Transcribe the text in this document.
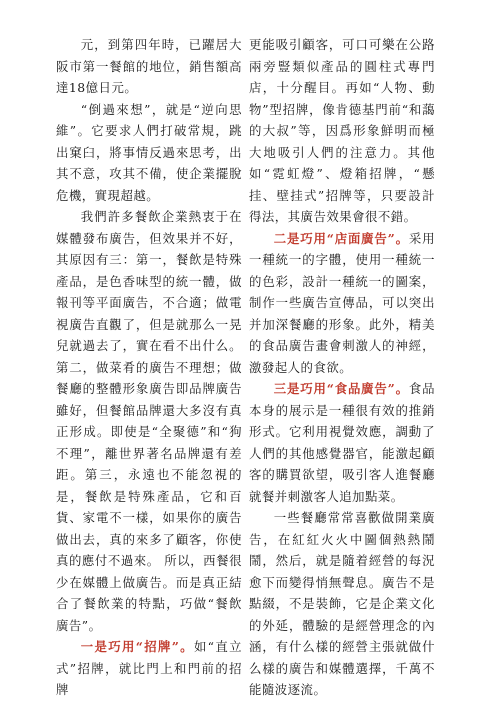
元，到第四年時，已躍居大阪市第一餐館的地位，銷售額高達18億日元。

“倒過來想”，就是“逆向思維”。它要求人們打破常規，跳出窠臼，將事情反過來思考，出其不意，攻其不備，使企業擺脫危機，實現超越。

我們許多餐飲企業熱衷于在媒體發布廣告，但效果并不好，其原因有三：第一，餐飲是特殊產品，是色香味型的統一體，做報刊等平面廣告，不合適；做電視廣告直觀了，但是就那么一晃兒就過去了，實在看不出什么。第二，做菜肴的廣告不理想；做餐廳的整體形象廣告即品牌廣告雖好，但餐館品牌還大多沒有真正形成。即使是“全聚德”和“狗不理”，離世界著名品牌還有差距。第三，永遠也不能忽視的是，餐飲是特殊產品，它和百貨、家電不一樣，如果你的廣告做出去，真的來多了顧客，你使真的應付不過來。 所以，西餐很少在媒體上做廣告。而是真正結合了餐飲業的特點，巧做“餐飲廣告”。

一是巧用“招牌”。如“直立式”招牌，就比門上和門前的招牌

更能吸引顧客，可口可樂在公路兩旁豎類似產品的圓柱式專門店，十分醒目。再如“人物、動物”型招牌，像肯德基門前“和藹的大叔”等，因爲形象鮮明而極大地吸引人們的注意力。其他如“霓虹燈”、燈箱招牌，“懸挂、壁挂式”招牌等，只要設計得法，其廣告效果會很不錯。

二是巧用“店面廣告”。采用一種統一的字體，使用一種統一的色彩，設計一種統一的圖案，制作一些廣告宣傳品，可以突出并加深餐廳的形象。此外，精美的食品廣告畫會刺激人的神經，激發起人的食欲。

三是巧用“食品廣告”。食品本身的展示是一種很有效的推銷形式。它利用視覺效應，調動了人們的其他感覺器官，能激起顧客的購買欲望，吸引客人進餐廳就餐并刺激客人追加點菜。

一些餐廳常常喜歡做開業廣告，在紅紅火火中圖個熱熱鬧鬧，然后，就是隨着經營的每況愈下而變得悄無聲息。廣告不是點綴，不是裝飾，它是企業文化的外延，體驗的是經營理念的內涵，有什么樣的經營主張就做什么樣的廣告和媒體選擇，千萬不能隨波逐流。
